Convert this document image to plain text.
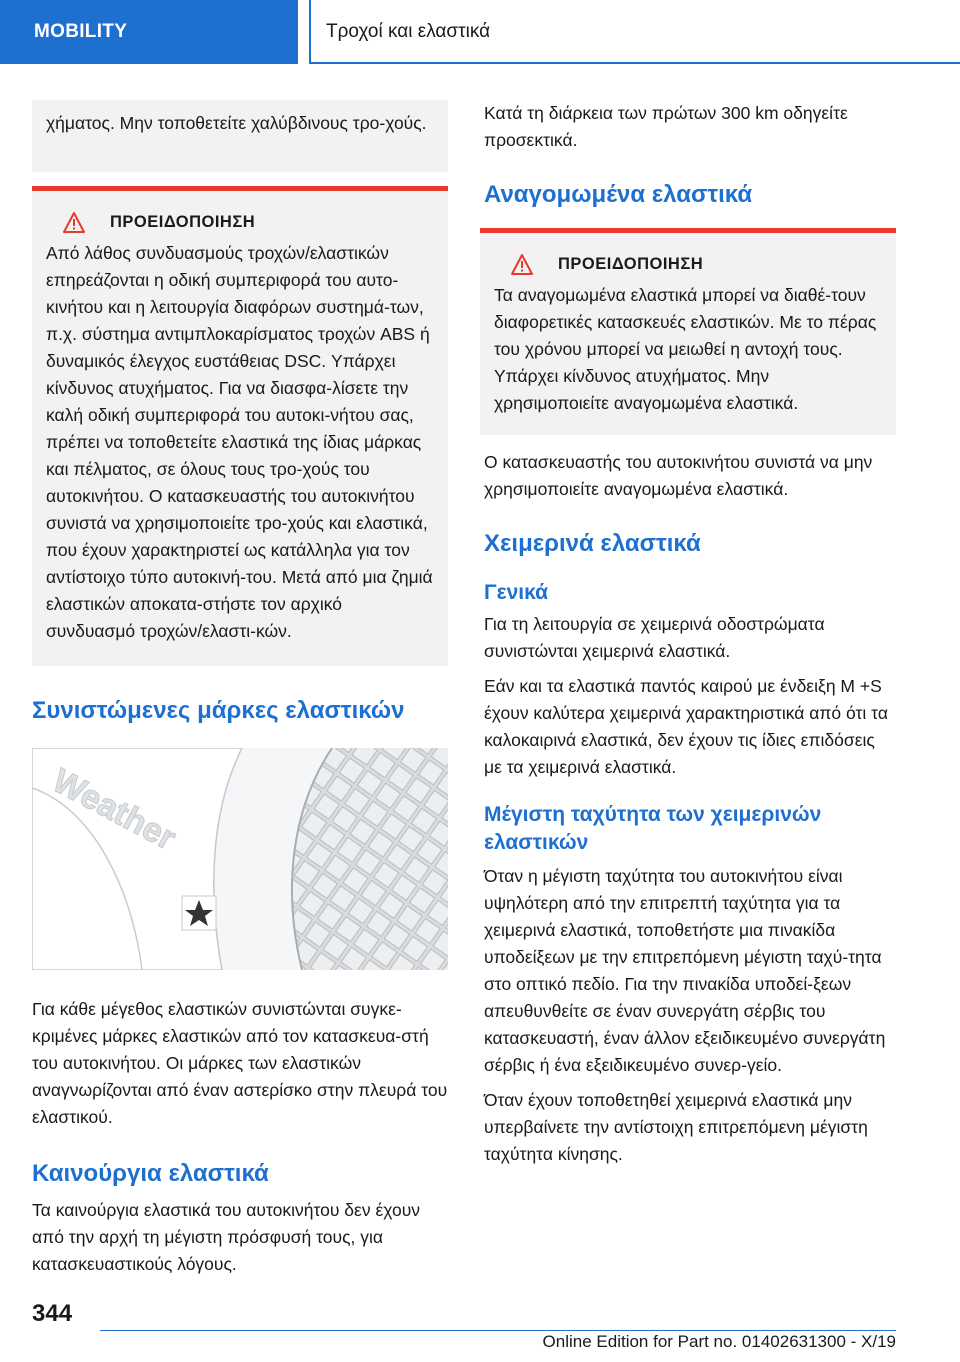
MOBILITY	Τροχοί και ελαστικά
χήματος. Μην τοποθετείτε χαλύβδινους τρο-χούς.
ΠΡΟΕΙΔΟΠΟΙΗΣΗ

Από λάθος συνδυασμούς τροχών/ελαστικών επηρεάζονται η οδική συμπεριφορά του αυτο-κινήτου και η λειτουργία διαφόρων συστημά-των, π.χ. σύστημα αντιμπλοκαρίσματος τροχών ABS ή δυναμικός έλεγχος ευστάθειας DSC. Υπάρχει κίνδυνος ατυχήματος. Για να διασφα-λίσετε την καλή οδική συμπεριφορά του αυτοκι-νήτου σας, πρέπει να τοποθετείτε ελαστικά της ίδιας μάρκας και πέλματος, σε όλους τους τρο-χούς του αυτοκινήτου. Ο κατασκευαστής του αυτοκινήτου συνιστά να χρησιμοποιείτε τρο-χούς και ελαστικά, που έχουν χαρακτηριστεί ως κατάλληλα για τον αντίστοιχο τύπο αυτοκινή-του. Μετά από μια ζημιά ελαστικών αποκατα-στήστε τον αρχικό συνδυασμό τροχών/ελαστι-κών.

Συνιστώμενες μάρκες ελαστικών
Weather

Για κάθε μέγεθος ελαστικών συνιστώνται συγκε-κριμένες μάρκες ελαστικών από τον κατασκευα-στή του αυτοκινήτου. Οι μάρκες των ελαστικών αναγνωρίζονται από έναν αστερίσκο στην πλευρά του ελαστικού.

Καινούργια ελαστικά

Τα καινούργια ελαστικά του αυτοκινήτου δεν έχουν από την αρχή τη μέγιστη πρόσφυσή τους, για κατασκευαστικούς λόγους.

Κατά τη διάρκεια των πρώτων 300 km οδηγείτε προσεκτικά.

Αναγομωμένα ελαστικά
ΠΡΟΕΙΔΟΠΟΙΗΣΗ

Τα αναγομωμένα ελαστικά μπορεί να διαθέ-τουν διαφορετικές κατασκευές ελαστικών. Με το πέρας του χρόνου μπορεί να μειωθεί η αντοχή τους. Υπάρχει κίνδυνος ατυχήματος. Μην χρησιμοποιείτε αναγομωμένα ελαστικά.

Ο κατασκευαστής του αυτοκινήτου συνιστά να μην χρησιμοποιείτε αναγομωμένα ελαστικά.

Χειμερινά ελαστικά
Γενικά

Για τη λειτουργία σε χειμερινά οδοστρώματα συνιστώνται χειμερινά ελαστικά.

Εάν και τα ελαστικά παντός καιρού με ένδειξη M +S έχουν καλύτερα χειμερινά χαρακτηριστικά από ότι τα καλοκαιρινά ελαστικά, δεν έχουν τις ίδιες επιδόσεις με τα χειμερινά ελαστικά.

Μέγιστη ταχύτητα των χειμερινών ελαστικών

Όταν η μέγιστη ταχύτητα του αυτοκινήτου είναι υψηλότερη από την επιτρεπτή ταχύτητα για τα χειμερινά ελαστικά, τοποθετήστε μια πινακίδα υποδείξεων με την επιτρεπόμενη μέγιστη ταχύ-τητα στο οπτικό πεδίο. Για την πινακίδα υποδεί-ξεων απευθυνθείτε σε έναν συνεργάτη σέρβις του κατασκευαστή, έναν άλλον εξειδικευμένο συνεργάτη σέρβις ή ένα εξειδικευμένο συνερ-γείο.

Όταν έχουν τοποθετηθεί χειμερινά ελαστικά μην υπερβαίνετε την αντίστοιχη επιτρεπόμενη μέγιστη ταχύτητα κίνησης.

344
Online Edition for Part no. 01402631300 - X/19
